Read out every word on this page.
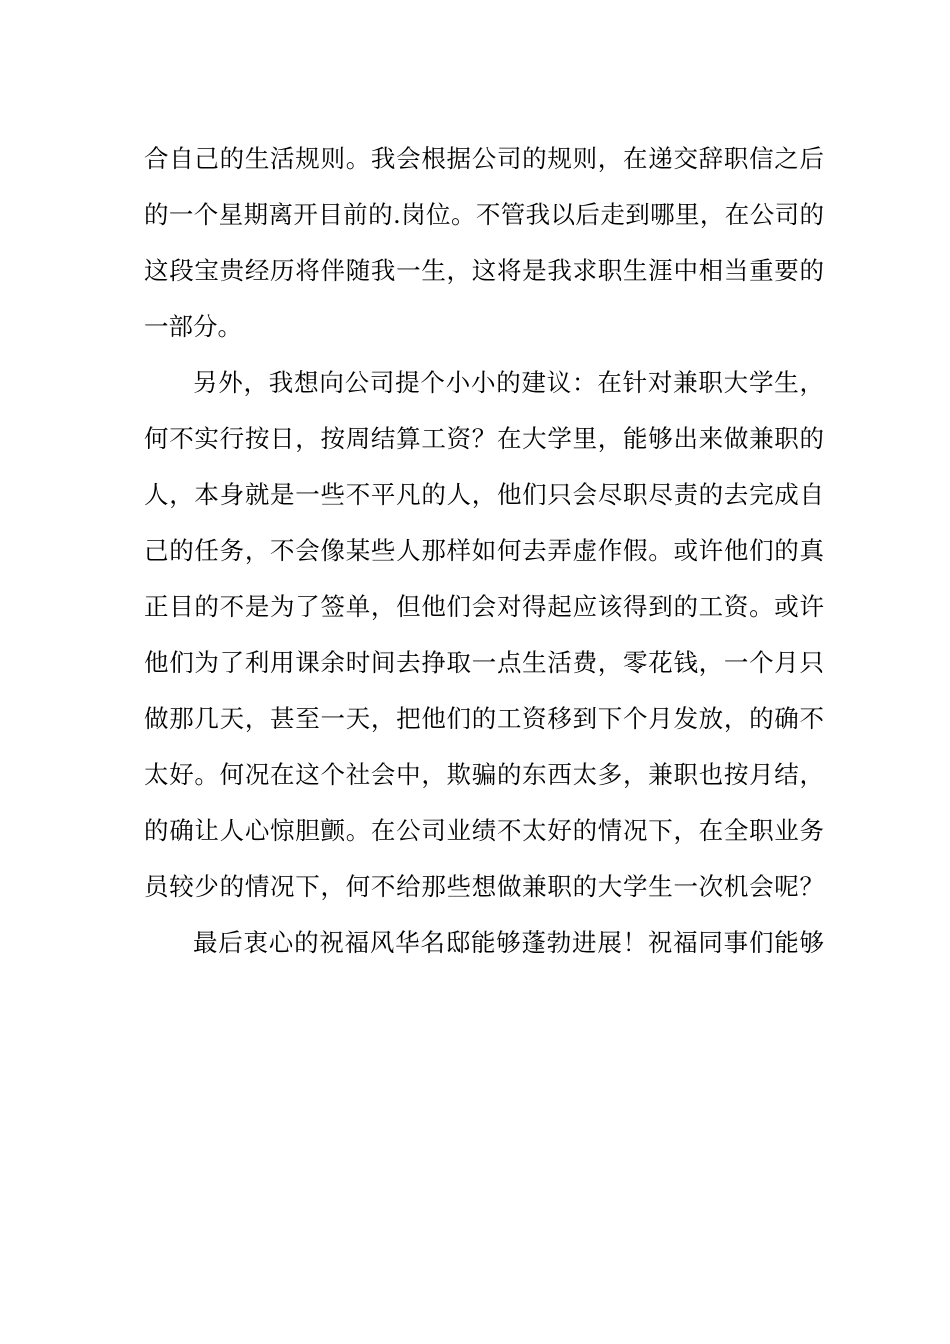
合自己的生活规则。我会根据公司的规则，在递交辞职信之后
的一个星期离开目前的.岗位。不管我以后走到哪里，在公司的
这段宝贵经历将伴随我一生，这将是我求职生涯中相当重要的
一部分。
另外，我想向公司提个小小的建议：在针对兼职大学生，
何不实行按日，按周结算工资？在大学里，能够出来做兼职的
人，本身就是一些不平凡的人，他们只会尽职尽责的去完成自
己的任务，不会像某些人那样如何去弄虚作假。或许他们的真
正目的不是为了签单，但他们会对得起应该得到的工资。或许
他们为了利用课余时间去挣取一点生活费，零花钱，一个月只
做那几天，甚至一天，把他们的工资移到下个月发放，的确不
太好。何况在这个社会中，欺骗的东西太多，兼职也按月结，
的确让人心惊胆颤。在公司业绩不太好的情况下，在全职业务
员较少的情况下，何不给那些想做兼职的大学生一次机会呢？
最后衷心的祝福风华名邸能够蓬勃进展！祝福同事们能够
